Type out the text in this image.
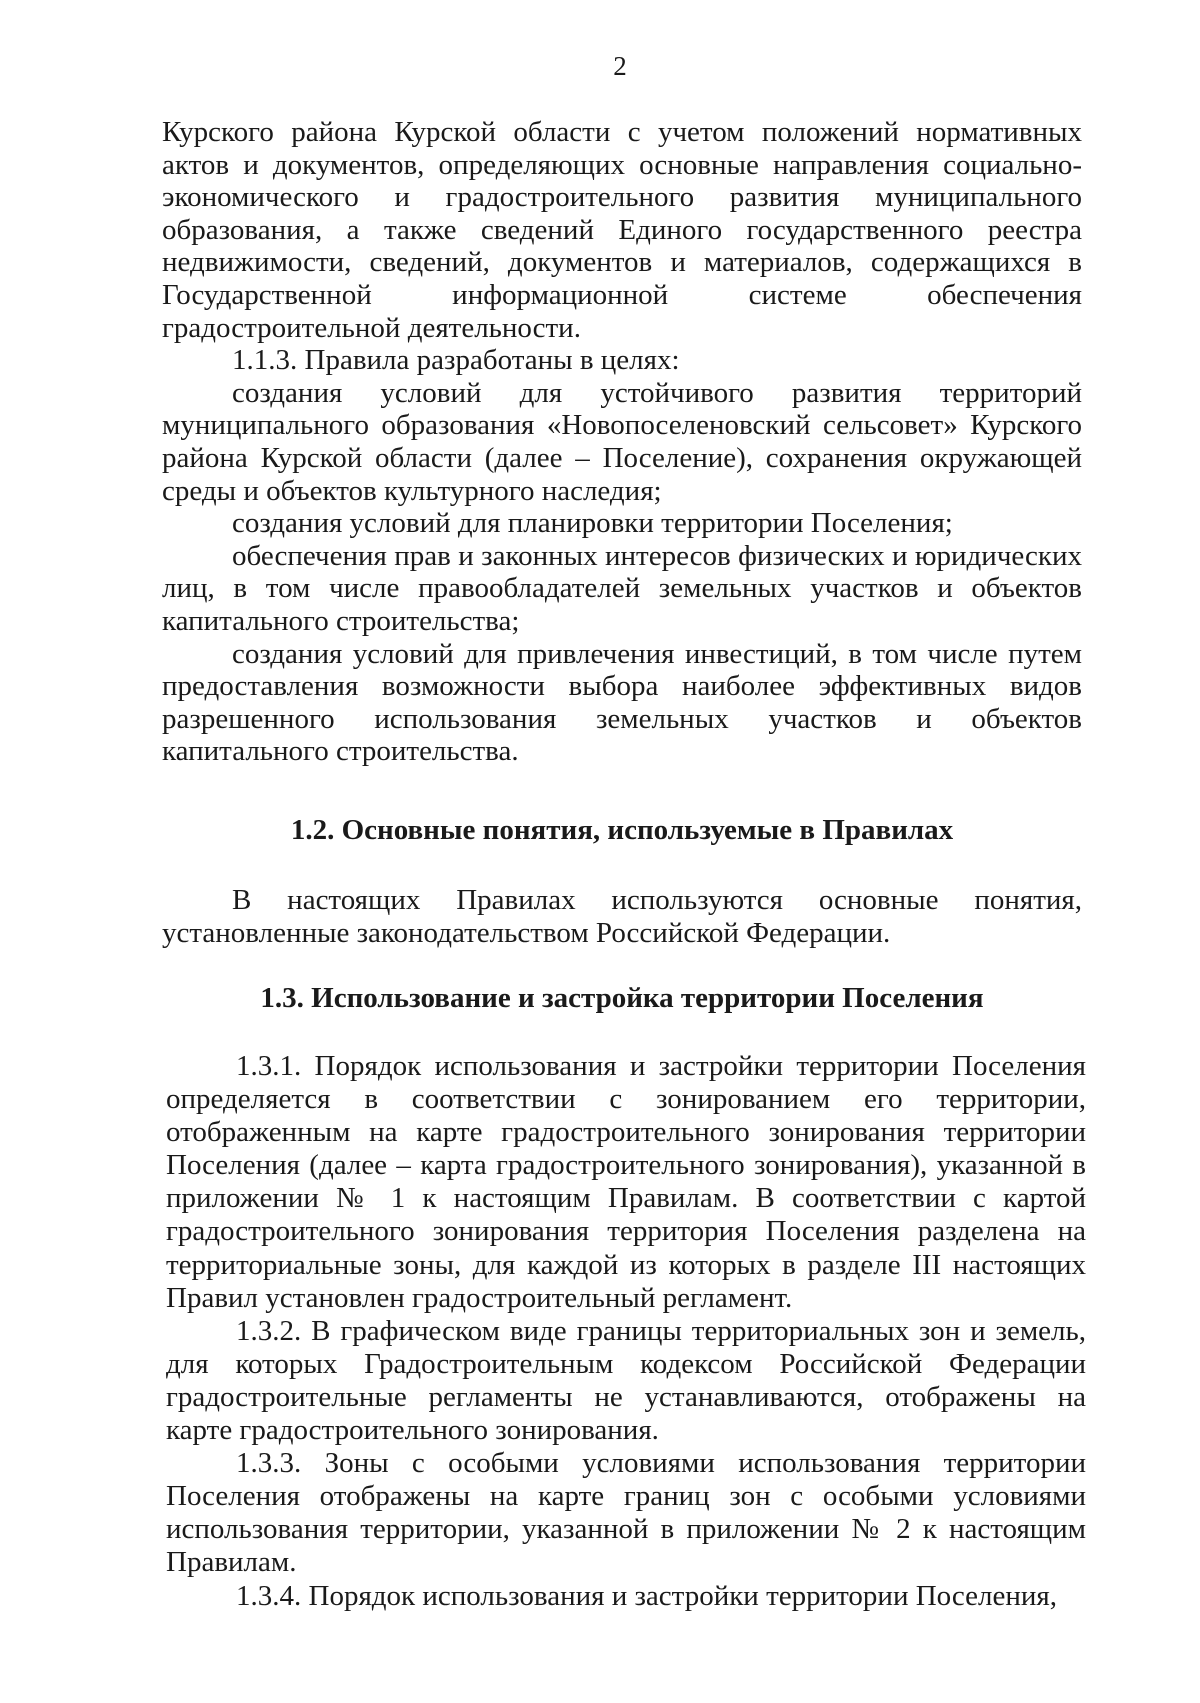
2

Курского района Курской области с учетом положений нормативных актов и документов, определяющих основные направления социально-экономического и градостроительного развития муниципального образования, а также сведений Единого государственного реестра недвижимости, сведений, документов и материалов, содержащихся в Государственной информационной системе обеспечения градостроительной деятельности.

1.1.3. Правила разработаны в целях:

создания условий для устойчивого развития территорий муниципального образования «Новопоселеновский сельсовет» Курского района Курской области (далее – Поселение), сохранения окружающей среды и объектов культурного наследия;

создания условий для планировки территории Поселения;

обеспечения прав и законных интересов физических и юридических лиц, в том числе правообладателей земельных участков и объектов капитального строительства;

создания условий для привлечения инвестиций, в том числе путем предоставления возможности выбора наиболее эффективных видов разрешенного использования земельных участков и объектов капитального строительства.

1.2. Основные понятия, используемые в Правилах

В настоящих Правилах используются основные понятия, установленные законодательством Российской Федерации.

1.3. Использование и застройка территории Поселения

1.3.1. Порядок использования и застройки территории Поселения определяется в соответствии с зонированием его территории, отображенным на карте градостроительного зонирования территории Поселения (далее – карта градостроительного зонирования), указанной в приложении № 1 к настоящим Правилам. В соответствии с картой градостроительного зонирования территория Поселения разделена на территориальные зоны, для каждой из которых в разделе III настоящих Правил установлен градостроительный регламент.

1.3.2. В графическом виде границы территориальных зон и земель, для которых Градостроительным кодексом Российской Федерации градостроительные регламенты не устанавливаются, отображены на карте градостроительного зонирования.

1.3.3. Зоны с особыми условиями использования территории Поселения отображены на карте границ зон с особыми условиями использования территории, указанной в приложении № 2 к настоящим Правилам.

1.3.4. Порядок использования и застройки территории Поселения,
